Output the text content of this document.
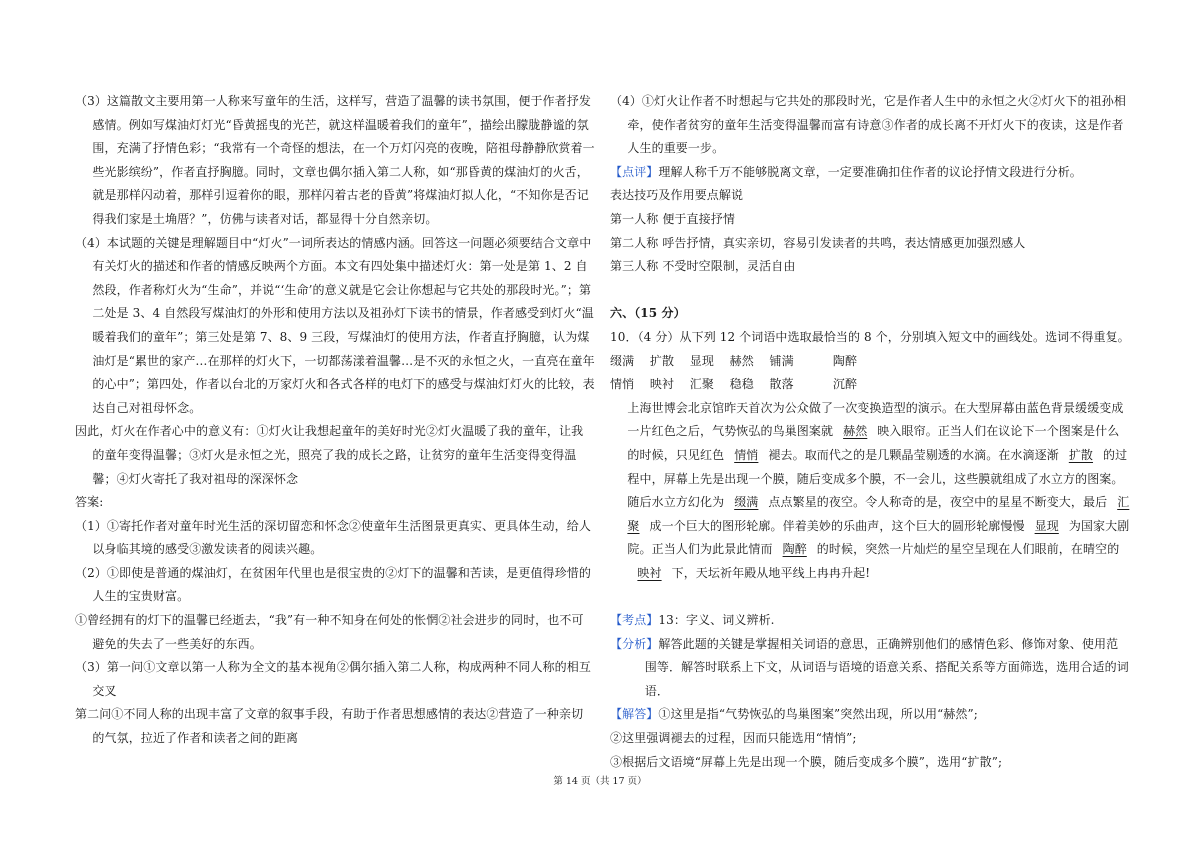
（3）这篇散文主要用第一人称来写童年的生活，这样写，营造了温馨的读书氛围，便于作者抒发感情。例如写煤油灯灯光“昏黄摇曳的光芒，就这样温暖着我们的童年”，描绘出朦胧静谧的氛围，充满了抒情色彩；“我常有一个奇怪的想法，在一个万灯闪亮的夜晚，陪祖母静静欣赏着一些光影缤纷”，作者直抒胸臆。同时，文章也偶尔插入第二人称，如“那昏黄的煤油灯的火舌，就是那样闪动着，那样引逗着你的眼，那样闪着古老的昏黄”将煤油灯拟人化，“不知你是否记得我们家是土埆厝？”，仿佛与读者对话，都显得十分自然亲切。

（4）本试题的关键是理解题目中“灯火”一词所表达的情感内涵。回答这一问题必须要结合文章中有关灯火的描述和作者的情感反映两个方面。本文有四处集中描述灯火：第一处是第 1、2 自然段，作者称灯火为“生命”，并说“‘生命’的意义就是它会让你想起与它共处的那段时光。”；第二处是 3、4 自然段写煤油灯的外形和使用方法以及祖孙灯下读书的情景，作者感受到灯火“温暖着我们的童年”；第三处是第 7、8、9 三段，写煤油灯的使用方法，作者直抒胸臆，认为煤油灯是“累世的家产…在那样的灯火下，一切都荡漾着温馨…是不灭的永恒之火，一直亮在童年的心中”；第四处，作者以台北的万家灯火和各式各样的电灯下的感受与煤油灯灯火的比较，表达自己对祖母怀念。

因此，灯火在作者心中的意义有：①灯火让我想起童年的美好时光②灯火温暖了我的童年，让我的童年变得温馨；③灯火是永恒之光，照亮了我的成长之路，让贫穷的童年生活变得变得温馨；④灯火寄托了我对祖母的深深怀念

答案:

（1）①寄托作者对童年时光生活的深切留恋和怀念②使童年生活图景更真实、更具体生动，给人以身临其境的感受③激发读者的阅读兴趣。

（2）①即使是普通的煤油灯，在贫困年代里也是很宝贵的②灯下的温馨和苦读，是更值得珍惜的人生的宝贵财富。

①曾经拥有的灯下的温馨已经逝去，“我”有一种不知身在何处的怅惘②社会进步的同时，也不可避免的失去了一些美好的东西。

（3）第一问①文章以第一人称为全文的基本视角②偶尔插入第二人称，构成两种不同人称的相互交叉

第二问①不同人称的出现丰富了文章的叙事手段，有助于作者思想感情的表达②营造了一种亲切的气氛，拉近了作者和读者之间的距离

（4）①灯火让作者不时想起与它共处的那段时光，它是作者人生中的永恒之火②灯火下的祖孙相牵，使作者贫穷的童年生活变得温馨而富有诗意③作者的成长离不开灯火下的夜读，这是作者人生的重要一步。

【点评】理解人称千万不能够脱离文章，一定要准确扣住作者的议论抒情文段进行分析。

表达技巧及作用要点解说

第一人称 便于直接抒情

第二人称 呼告抒情，真实亲切，容易引发读者的共鸣，表达情感更加强烈感人

第三人称 不受时空限制，灵活自由

六、（15 分）

10．（4 分）从下列 12 个词语中选取最恰当的 8 个，分别填入短文中的画线处。选词不得重复。

缀满 扩散 显现 赫然 铺满	陶醉

情悄 映衬 汇聚 稳稳 散落	沉醉

上海世博会北京馆昨天首次为公众做了一次变换造型的演示。在大型屏幕由蓝色背景缓缓变成一片红色之后，气势恢弘的鸟巢图案就 赫然 映入眼帘。正当人们在议论下一个图案是什么的时候，只见红色 情悄 褪去。取而代之的是几颗晶莹剔透的水滴。在水滴逐渐 扩散 的过程中，屏幕上先是出现一个膜，随后变成多个膜，不一会儿，这些膜就组成了水立方的图案。随后水立方幻化为 缀满 点点繁星的夜空。令人称奇的是，夜空中的星星不断变大，最后 汇聚 成一个巨大的图形轮廓。伴着美妙的乐曲声，这个巨大的圆形轮廓慢慢 显现 为国家大剧院。正当人们为此景此情而 陶醉 的时候，突然一片灿烂的星空呈现在人们眼前，在晴空的映衬 下，天坛祈年殿从地平线上冉冉升起!

【考点】13：字义、词义辨析.

【分析】解答此题的关键是掌握相关词语的意思，正确辨别他们的感情色彩、修饰对象、使用范围等．解答时联系上下文，从词语与语境的语意关系、搭配关系等方面筛选，选用合适的词语．

【解答】①这里是指“气势恢弘的鸟巢图案”突然出现，所以用“赫然”;

②这里强调褪去的过程，因而只能选用“情悄”;

③根据后文语境“屏幕上先是出现一个膜，随后变成多个膜”，选用“扩散”;

第 14 页（共 17 页）
